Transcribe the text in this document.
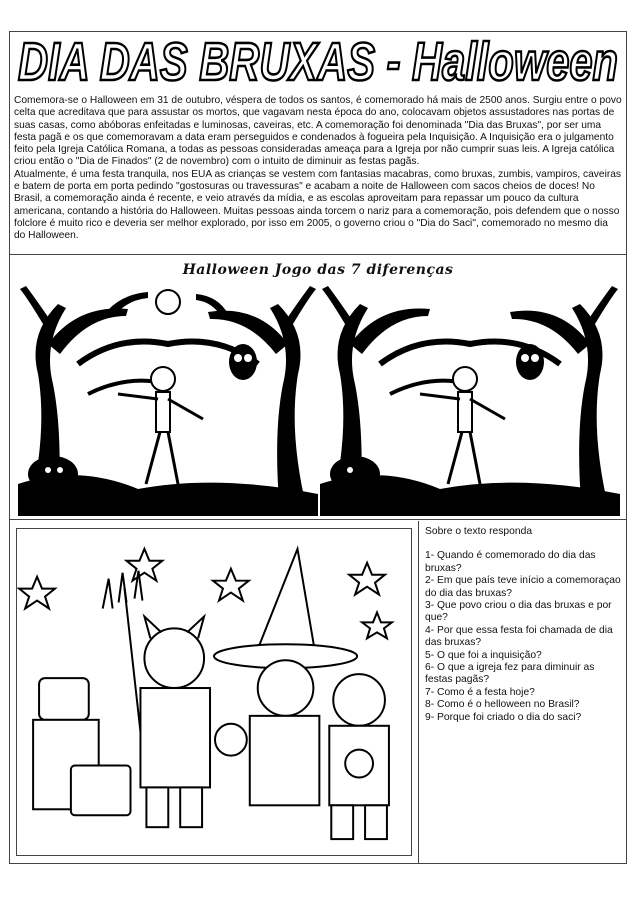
DIA DAS BRUXAS - Halloween

Comemora-se o Halloween em 31 de outubro, véspera de todos os santos, é comemorado há mais de 2500 anos. Surgiu entre o povo celta que acreditava que para assustar os mortos, que vagavam nesta época do ano, colocavam objetos assustadores nas portas de suas casas, como abóboras enfeitadas e luminosas, caveiras, etc. A comemoração foi denominada "Dia das Bruxas", por ser uma festa pagã e os que comemoravam a data eram perseguidos e condenados à fogueira pela Inquisição. A Inquisição era o julgamento feito pela Igreja Católica Romana, a todas as pessoas consideradas ameaça para a Igreja por não cumprir suas leis. A Igreja católica criou então o "Dia de Finados" (2 de novembro) com o intuito de diminuir as festas pagãs.

Atualmente, é uma festa tranquila, nos EUA as crianças se vestem com fantasias macabras, como bruxas, zumbis, vampiros, caveiras e batem de porta em porta pedindo "gostosuras ou travessuras" e acabam a noite de Halloween com sacos cheios de doces! No Brasil, a comemoração ainda é recente, e veio através da mídia, e as escolas aproveitam para repassar um pouco da cultura americana, contando a história do Halloween. Muitas pessoas ainda torcem o nariz para a comemoração, pois defendem que o nosso folclore é muito rico e deveria ser melhor explorado, por isso em 2005, o governo criou o "Dia do Saci", comemorado no mesmo dia do Halloween.

Halloween Jogo das 7 diferenças

Sobre o texto responda

1- Quando é comemorado do dia das bruxas?
2- Em que país teve início a comemoraçao do dia das bruxas?
3- Que povo criou o dia das bruxas e por que?
4- Por que essa festa foi chamada de dia das bruxas?
5- O que foi a inquisição?
6- O que a igreja fez para diminuir as festas pagãs?
7- Como é a festa hoje?
8- Como é o helloween no Brasil?
9- Porque foi criado o dia do saci?
